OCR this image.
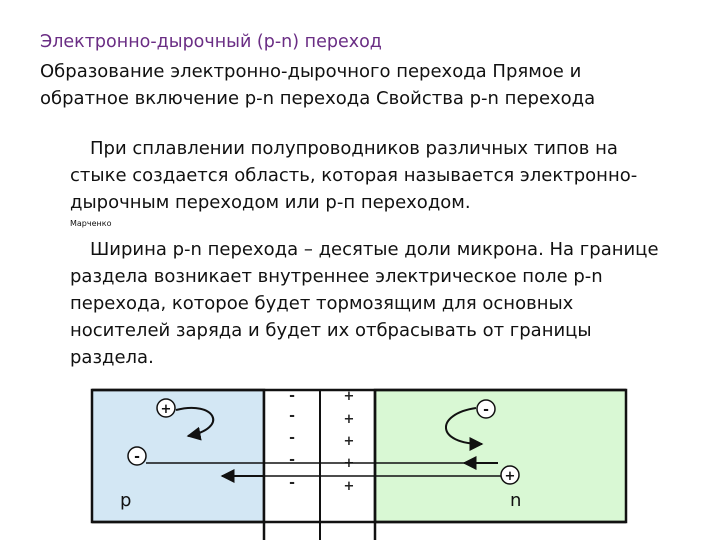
Электронно-дырочный (p-n) переход
Образование электронно-дырочного перехода Прямое и
обратное включение p-n перехода Свойства p-n перехода
При сплавлении полупроводников различных типов на стыке создается область, которая называется электронно-дырочным переходом или p-п переходом.
Марченко
Ширина p-n перехода – десятые доли микрона. На границе раздела возникает внутреннее электрическое поле p-n перехода, которое будет тормозящим для основных носителей заряда и будет их отбрасывать от границы раздела.
-
-
-
-
-
+
+
+
+
+
+
-
-
+
p	n
